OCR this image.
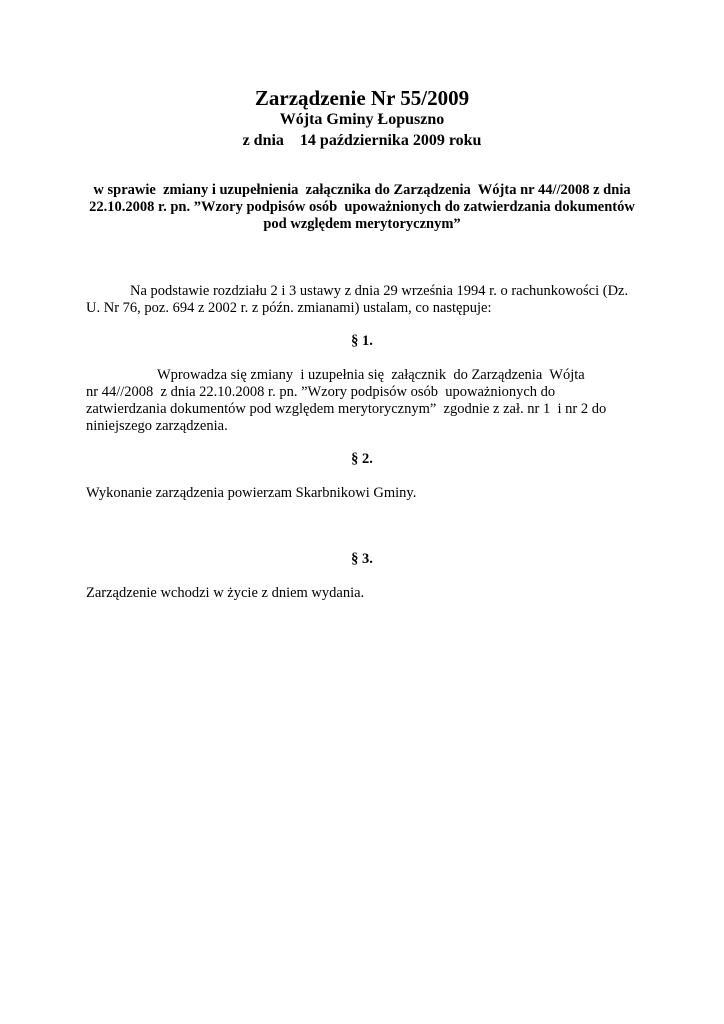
Zarządzenie Nr 55/2009
Wójta Gminy Łopuszno
z dnia    14 października 2009 roku
w sprawie  zmiany i uzupełnienia  załącznika do Zarządzenia  Wójta nr 44//2008 z dnia
22.10.2008 r. pn. ”Wzory podpisów osób  upoważnionych do zatwierdzania dokumentów
pod względem merytorycznym”
Na podstawie rozdziału 2 i 3 ustawy z dnia 29 września 1994 r. o rachunkowości (Dz.
U. Nr 76, poz. 694 z 2002 r. z późn. zmianami) ustalam, co następuje:
§ 1.
Wprowadza się zmiany  i uzupełnia się  załącznik  do Zarządzenia  Wójta
nr 44//2008  z dnia 22.10.2008 r. pn. ”Wzory podpisów osób  upoważnionych do
zatwierdzania dokumentów pod względem merytorycznym”  zgodnie z zał. nr 1  i nr 2 do
niniejszego zarządzenia.
§ 2.
Wykonanie zarządzenia powierzam Skarbnikowi Gminy.
§ 3.
Zarządzenie wchodzi w życie z dniem wydania.
